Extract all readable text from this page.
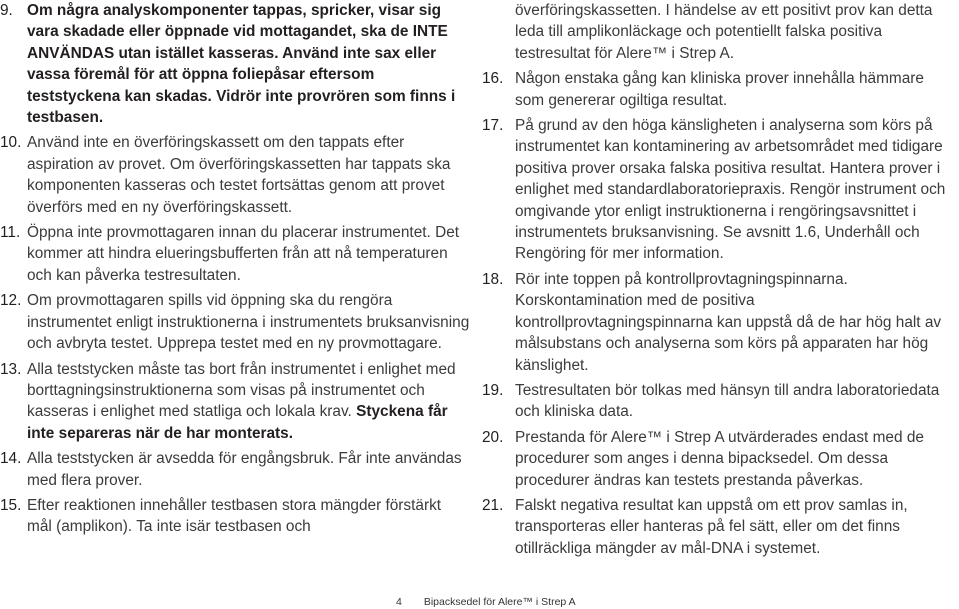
9. Om några analyskomponenter tappas, spricker, visar sig vara skadade eller öppnade vid mottagandet, ska de INTE ANVÄNDAS utan istället kasseras. Använd inte sax eller vassa föremål för att öppna foliepåsar eftersom teststyckena kan skadas. Vidrör inte provrören som finns i testbasen.
10. Använd inte en överföringskassett om den tappats efter aspiration av provet. Om överföringskassetten har tappats ska komponenten kasseras och testet fortsättas genom att provet överförs med en ny överföringskassett.
11. Öppna inte provmottagaren innan du placerar instrumentet. Det kommer att hindra elueringsbufferten från att nå temperaturen och kan påverka testresultaten.
12. Om provmottagaren spills vid öppning ska du rengöra instrumentet enligt instruktionerna i instrumentets bruksanvisning och avbryta testet. Upprepa testet med en ny provmottagare.
13. Alla teststycken måste tas bort från instrumentet i enlighet med borttagningsinstruktionerna som visas på instrumentet och kasseras i enlighet med statliga och lokala krav. Styckena får inte separeras när de har monterats.
14. Alla teststycken är avsedda för engångsbruk. Får inte användas med flera prover.
15. Efter reaktionen innehåller testbasen stora mängder förstärkt mål (amplikon). Ta inte isär testbasen och
överföringskassetten. I händelse av ett positivt prov kan detta leda till amplikonläckage och potentiellt falska positiva testresultat för Alere™ i Strep A.
16. Någon enstaka gång kan kliniska prover innehålla hämmare som genererar ogiltiga resultat.
17. På grund av den höga känsligheten i analyserna som körs på instrumentet kan kontaminering av arbetsområdet med tidigare positiva prover orsaka falska positiva resultat. Hantera prover i enlighet med standardlaboratoriepraxis. Rengör instrument och omgivande ytor enligt instruktionerna i rengöringsavsnittet i instrumentets bruksanvisning. Se avsnitt 1.6, Underhåll och Rengöring för mer information.
18. Rör inte toppen på kontrollprovtagningspinnarna. Korskontamination med de positiva kontrollprovtagningspinnarna kan uppstå då de har hög halt av målsubstans och analyserna som körs på apparaten har hög känslighet.
19. Testresultaten bör tolkas med hänsyn till andra laboratoriedata och kliniska data.
20. Prestanda för Alere™ i Strep A utvärderades endast med de procedurer som anges i denna bipacksedel. Om dessa procedurer ändras kan testets prestanda påverkas.
21. Falskt negativa resultat kan uppstå om ett prov samlas in, transporteras eller hanteras på fel sätt, eller om det finns otillräckliga mängder av mål-DNA i systemet.
4 Bipacksedel för Alere™ i Strep A
